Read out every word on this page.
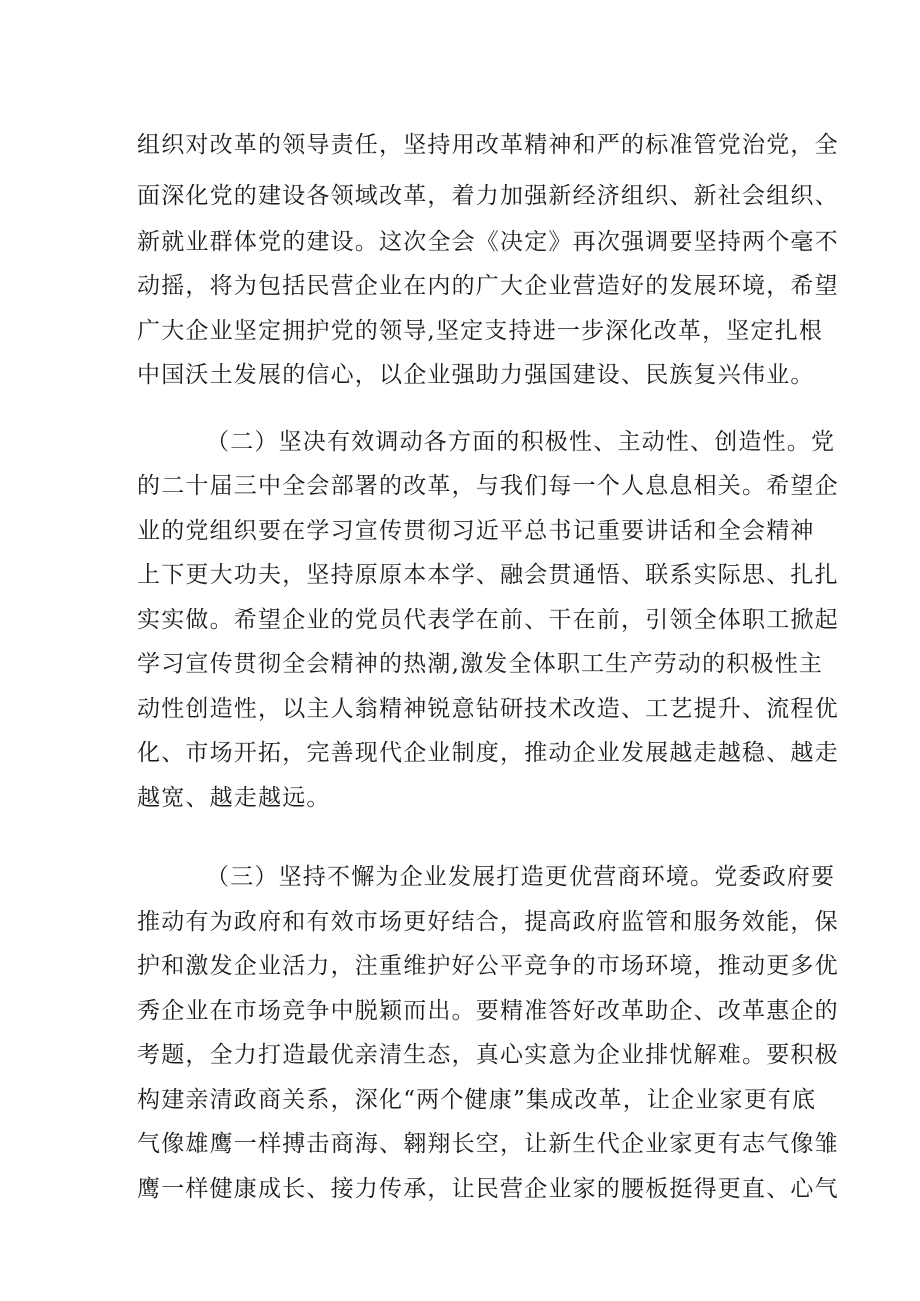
组织对改革的领导责任，坚持用改革精神和严的标准管党治党，全
面深化党的建设各领域改革，着力加强新经济组织、新社会组织、
新就业群体党的建设。这次全会《决定》再次强调要坚持两个毫不
动摇，将为包括民营企业在内的广大企业营造好的发展环境，希望
广大企业坚定拥护党的领导,坚定支持进一步深化改革，坚定扎根
中国沃土发展的信心，以企业强助力强国建设、民族复兴伟业。
（二）坚决有效调动各方面的积极性、主动性、创造性。党
的二十届三中全会部署的改革，与我们每一个人息息相关。希望企
业的党组织要在学习宣传贯彻习近平总书记重要讲话和全会精神
上下更大功夫，坚持原原本本学、融会贯通悟、联系实际思、扎扎
实实做。希望企业的党员代表学在前、干在前，引领全体职工掀起
学习宣传贯彻全会精神的热潮,激发全体职工生产劳动的积极性主
动性创造性，以主人翁精神锐意钻研技术改造、工艺提升、流程优
化、市场开拓，完善现代企业制度，推动企业发展越走越稳、越走
越宽、越走越远。
（三）坚持不懈为企业发展打造更优营商环境。党委政府要
推动有为政府和有效市场更好结合，提高政府监管和服务效能，保
护和激发企业活力，注重维护好公平竞争的市场环境，推动更多优
秀企业在市场竞争中脱颖而出。要精准答好改革助企、改革惠企的
考题，全力打造最优亲清生态，真心实意为企业排忧解难。要积极
构建亲清政商关系，深化“两个健康”集成改革，让企业家更有底
气像雄鹰一样搏击商海、翱翔长空，让新生代企业家更有志气像雏
鹰一样健康成长、接力传承，让民营企业家的腰板挺得更直、心气
